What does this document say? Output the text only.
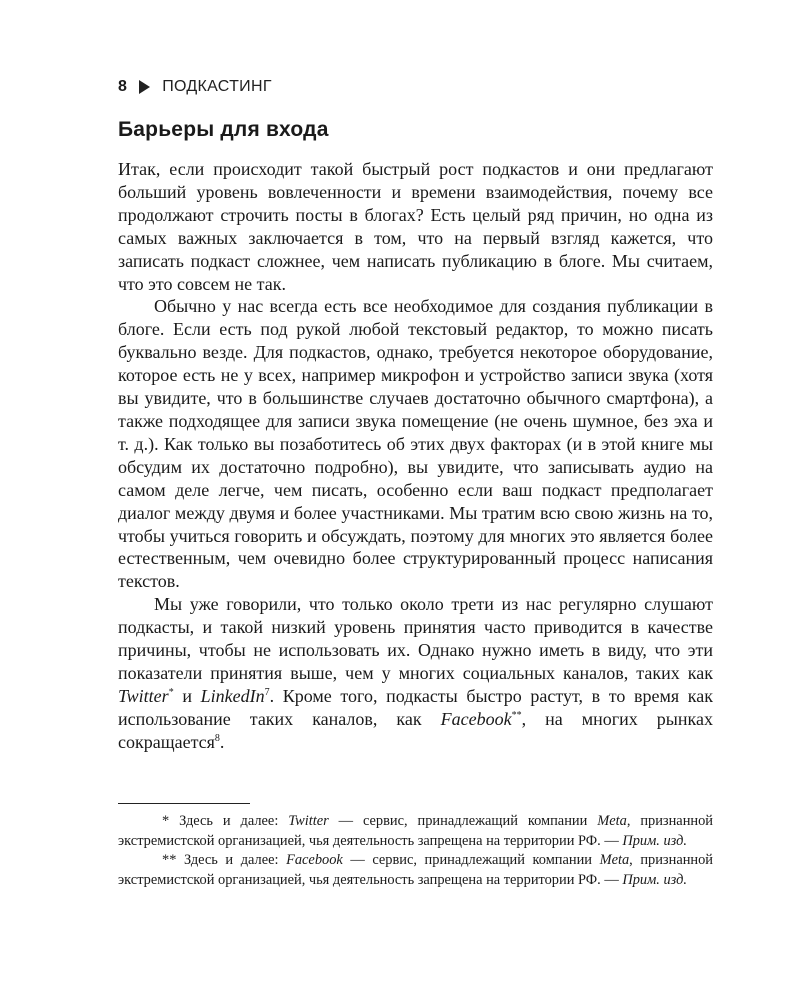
8 ПОДКАСТИНГ
Барьеры для входа

Итак, если происходит такой быстрый рост подкастов и они предлагают больший уровень вовлеченности и времени взаимодействия, почему все продолжают строчить посты в блогах? Есть целый ряд причин, но одна из самых важных заключается в том, что на первый взгляд кажется, что записать подкаст сложнее, чем написать публикацию в блоге. Мы считаем, что это совсем не так.

Обычно у нас всегда есть все необходимое для создания публикации в блоге. Если есть под рукой любой текстовый редактор, то можно писать буквально везде. Для подкастов, однако, требуется некоторое оборудование, которое есть не у всех, например микрофон и устройство записи звука (хотя вы увидите, что в большинстве случаев достаточно обычного смартфона), а также подходящее для записи звука помещение (не очень шумное, без эха и т. д.). Как только вы позаботитесь об этих двух факторах (и в этой книге мы обсудим их достаточно подробно), вы увидите, что записывать аудио на самом деле легче, чем писать, особенно если ваш подкаст предполагает диалог между двумя и более участниками. Мы тратим всю свою жизнь на то, чтобы учиться говорить и обсуждать, поэтому для многих это является более естественным, чем очевидно более структурированный процесс написания текстов.

Мы уже говорили, что только около трети из нас регулярно слушают подкасты, и такой низкий уровень принятия часто приводится в качестве причины, чтобы не использовать их. Однако нужно иметь в виду, что эти показатели принятия выше, чем у многих социальных каналов, таких как Twitter* и LinkedIn$^7$. Кроме того, подкасты быстро растут, в то время как использование таких каналов, как Facebook**, на многих рынках сокращается$^8$.

* Здесь и далее: Twitter — сервис, принадлежащий компании Meta, признанной экстремистской организацией, чья деятельность запрещена на территории РФ. — Прим. изд.

** Здесь и далее: Facebook — сервис, принадлежащий компании Meta, признанной экстремистской организацией, чья деятельность запрещена на территории РФ. — Прим. изд.
